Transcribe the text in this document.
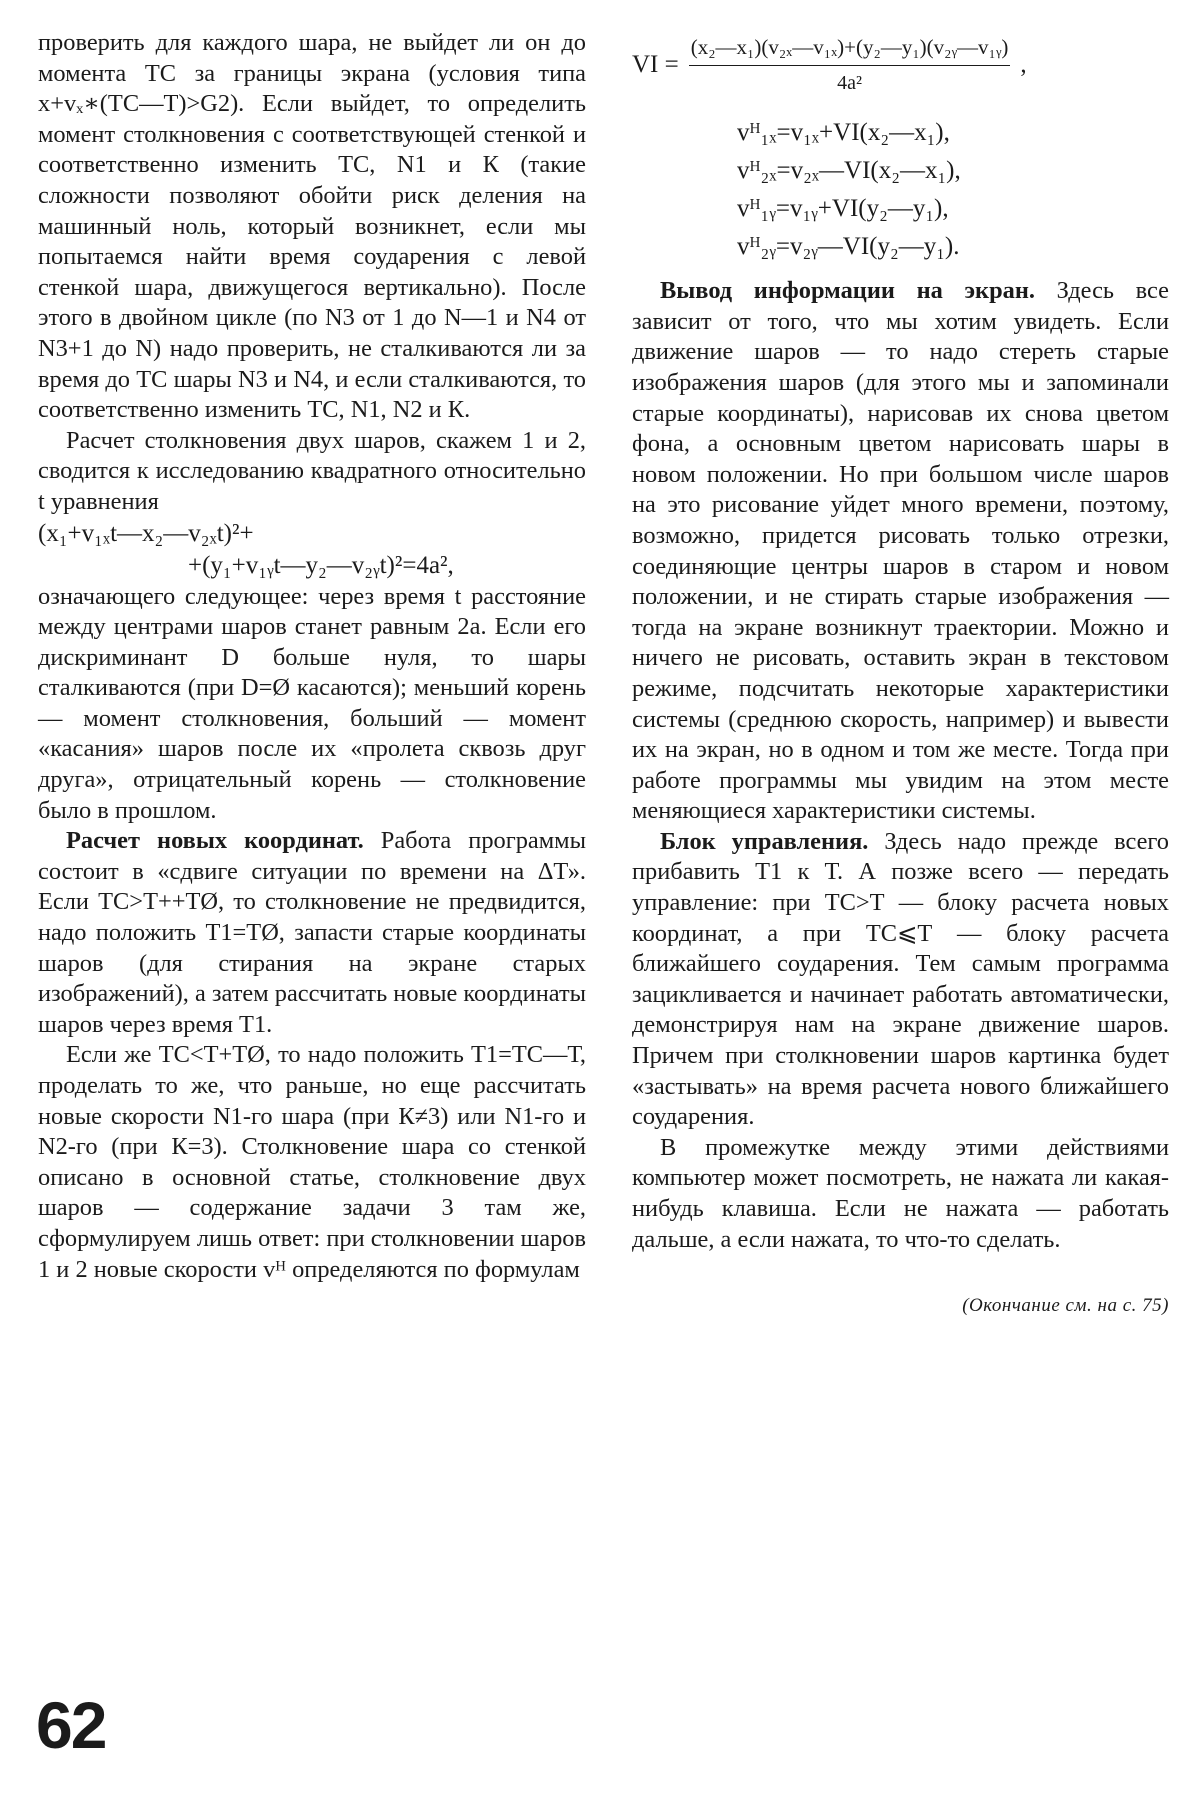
проверить для каждого шара, не выйдет ли он до момента ТС за границы экрана (условия типа x+vₓ∗(ТС—Т)>G2). Если выйдет, то определить момент столкновения с соответствующей стенкой и соответственно изменить ТС, N1 и К (такие сложности позволяют обойти риск деления на машинный ноль, который возникнет, если мы попытаемся найти время соударения с левой стенкой шара, движущегося вертикально). После этого в двойном цикле (по N3 от 1 до N—1 и N4 от N3+1 до N) надо проверить, не сталкиваются ли за время до ТС шары N3 и N4, и если сталкиваются, то соответственно изменить ТС, N1, N2 и К.

Расчет столкновения двух шаров, скажем 1 и 2, сводится к исследованию квадратного относительно t уравнения

(x₁+v₁ₓt—x₂—v₂ₓt)²+
+(y₁+v₁ᵧt—y₂—v₂ᵧt)²=4a²,

означающего следующее: через время t расстояние между центрами шаров станет равным 2а. Если его дискриминант D больше нуля, то шары сталкиваются (при D=Ø касаются); меньший корень — момент столкновения, больший — момент «касания» шаров после их «пролета сквозь друг друга», отрицательный корень — столкновение было в прошлом.

Расчет новых координат. Работа программы состоит в «сдвиге ситуации по времени на ΔТ». Если ТС>Т++ТØ, то столкновение не предвидится, надо положить Т1=ТØ, запасти старые координаты шаров (для стирания на экране старых изображений), а затем рассчитать новые координаты шаров через время Т1.

Если же ТС<Т+ТØ, то надо положить Т1=ТС—Т, проделать то же, что раньше, но еще рассчитать новые скорости N1-го шара (при К≠3) или N1-го и N2-го (при К=3). Столкновение шара со стенкой описано в основной статье, столкновение двух шаров — содержание задачи 3 там же, сформулируем лишь ответ: при столкновении шаров 1 и 2 новые скорости vᴴ определяются по формулам

VI = $\frac{\text{(x₂—x₁)(v₂ₓ—v₁ₓ)+(y₂—y₁)(v₂ᵧ—v₁ᵧ)}}{\text{4a²}}$ ,
vᴴ₁ₓ=v₁ₓ+VI(x₂—x₁),
vᴴ₂ₓ=v₂ₓ—VI(x₂—x₁),
vᴴ₁ᵧ=v₁ᵧ+VI(y₂—y₁),
vᴴ₂ᵧ=v₂ᵧ—VI(y₂—y₁).

Вывод информации на экран. Здесь все зависит от того, что мы хотим увидеть. Если движение шаров — то надо стереть старые изображения шаров (для этого мы и запоминали старые координаты), нарисовав их снова цветом фона, а основным цветом нарисовать шары в новом положении. Но при большом числе шаров на это рисование уйдет много времени, поэтому, возможно, придется рисовать только отрезки, соединяющие центры шаров в старом и новом положении, и не стирать старые изображения — тогда на экране возникнут траектории. Можно и ничего не рисовать, оставить экран в текстовом режиме, подсчитать некоторые характеристики системы (среднюю скорость, например) и вывести их на экран, но в одном и том же месте. Тогда при работе программы мы увидим на этом месте меняющиеся характеристики системы.

Блок управления. Здесь надо прежде всего прибавить Т1 к Т. А позже всего — передать управление: при ТС>Т — блоку расчета новых координат, а при ТС⩽Т — блоку расчета ближайшего соударения. Тем самым программа зацикливается и начинает работать автоматически, демонстрируя нам на экране движение шаров. Причем при столкновении шаров картинка будет «застывать» на время расчета нового ближайшего соударения.

В промежутке между этими действиями компьютер может посмотреть, не нажата ли какая-нибудь клавиша. Если не нажата — работать дальше, а если нажата, то что-то сделать.

(Окончание см. на с. 75)
62
